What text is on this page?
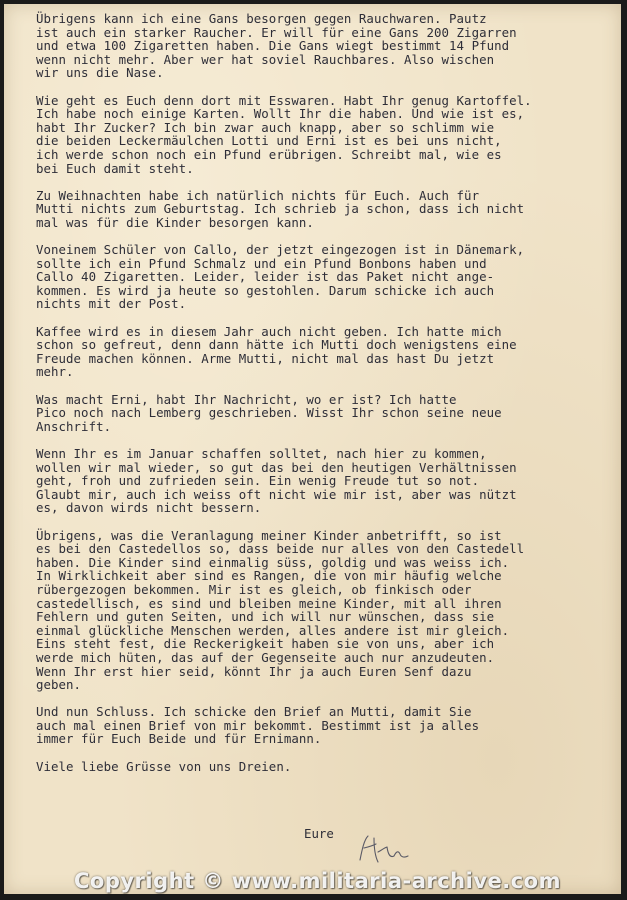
Übrigens kann ich eine Gans besorgen gegen Rauchwaren. Pautz
ist auch ein starker Raucher. Er will für eine Gans 200 Zigarren
und etwa 100 Zigaretten haben. Die Gans wiegt bestimmt 14 Pfund
wenn nicht mehr. Aber wer hat soviel Rauchbares. Also wischen
wir uns die Nase.
Wie geht es Euch denn dort mit Esswaren. Habt Ihr genug Kartoffel.
Ich habe noch einige Karten. Wollt Ihr die haben. Und wie ist es,
habt Ihr Zucker? Ich bin zwar auch knapp, aber so schlimm wie
die beiden Leckermäulchen Lotti und Erni ist es bei uns nicht,
ich werde schon noch ein Pfund erübrigen. Schreibt mal, wie es
bei Euch damit steht.
Zu Weihnachten habe ich natürlich nichts für Euch. Auch für
Mutti nichts zum Geburtstag. Ich schrieb ja schon, dass ich nicht
mal was für die Kinder besorgen kann.
Voneinem Schüler von Callo, der jetzt eingezogen ist in Dänemark,
sollte ich ein Pfund Schmalz und ein Pfund Bonbons haben und
Callo 40 Zigaretten. Leider, leider ist das Paket nicht ange-
kommen. Es wird ja heute so gestohlen. Darum schicke ich auch
nichts mit der Post.
Kaffee wird es in diesem Jahr auch nicht geben. Ich hatte mich
schon so gefreut, denn dann hätte ich Mutti doch wenigstens eine
Freude machen können. Arme Mutti, nicht mal das hast Du jetzt
mehr.
Was macht Erni, habt Ihr Nachricht, wo er ist? Ich hatte
Pico noch nach Lemberg geschrieben. Wisst Ihr schon seine neue
Anschrift.
Wenn Ihr es im Januar schaffen solltet, nach hier zu kommen,
wollen wir mal wieder, so gut das bei den heutigen Verhältnissen
geht, froh und zufrieden sein. Ein wenig Freude tut so not.
Glaubt mir, auch ich weiss oft nicht wie mir ist, aber was nützt
es, davon wirds nicht bessern.
Übrigens, was die Veranlagung meiner Kinder anbetrifft, so ist
es bei den Castedellos so, dass beide nur alles von den Castedell
haben. Die Kinder sind einmalig süss, goldig und was weiss ich.
In Wirklichkeit aber sind es Rangen, die von mir häufig welche
rübergezogen bekommen. Mir ist es gleich, ob finkisch oder
castedellisch, es sind und bleiben meine Kinder, mit all ihren
Fehlern und guten Seiten, und ich will nur wünschen, dass sie
einmal glückliche Menschen werden, alles andere ist mir gleich.
Eins steht fest, die Reckerigkeit haben sie von uns, aber ich
werde mich hüten, das auf der Gegenseite auch nur anzudeuten.
Wenn Ihr erst hier seid, könnt Ihr ja auch Euren Senf dazu
geben.
Und nun Schluss. Ich schicke den Brief an Mutti, damit Sie
auch mal einen Brief von mir bekommt. Bestimmt ist ja alles
immer für Euch Beide und für Ernimann.
Viele liebe Grüsse von uns Dreien.
Eure
Copyright © www.militaria-archive.com
